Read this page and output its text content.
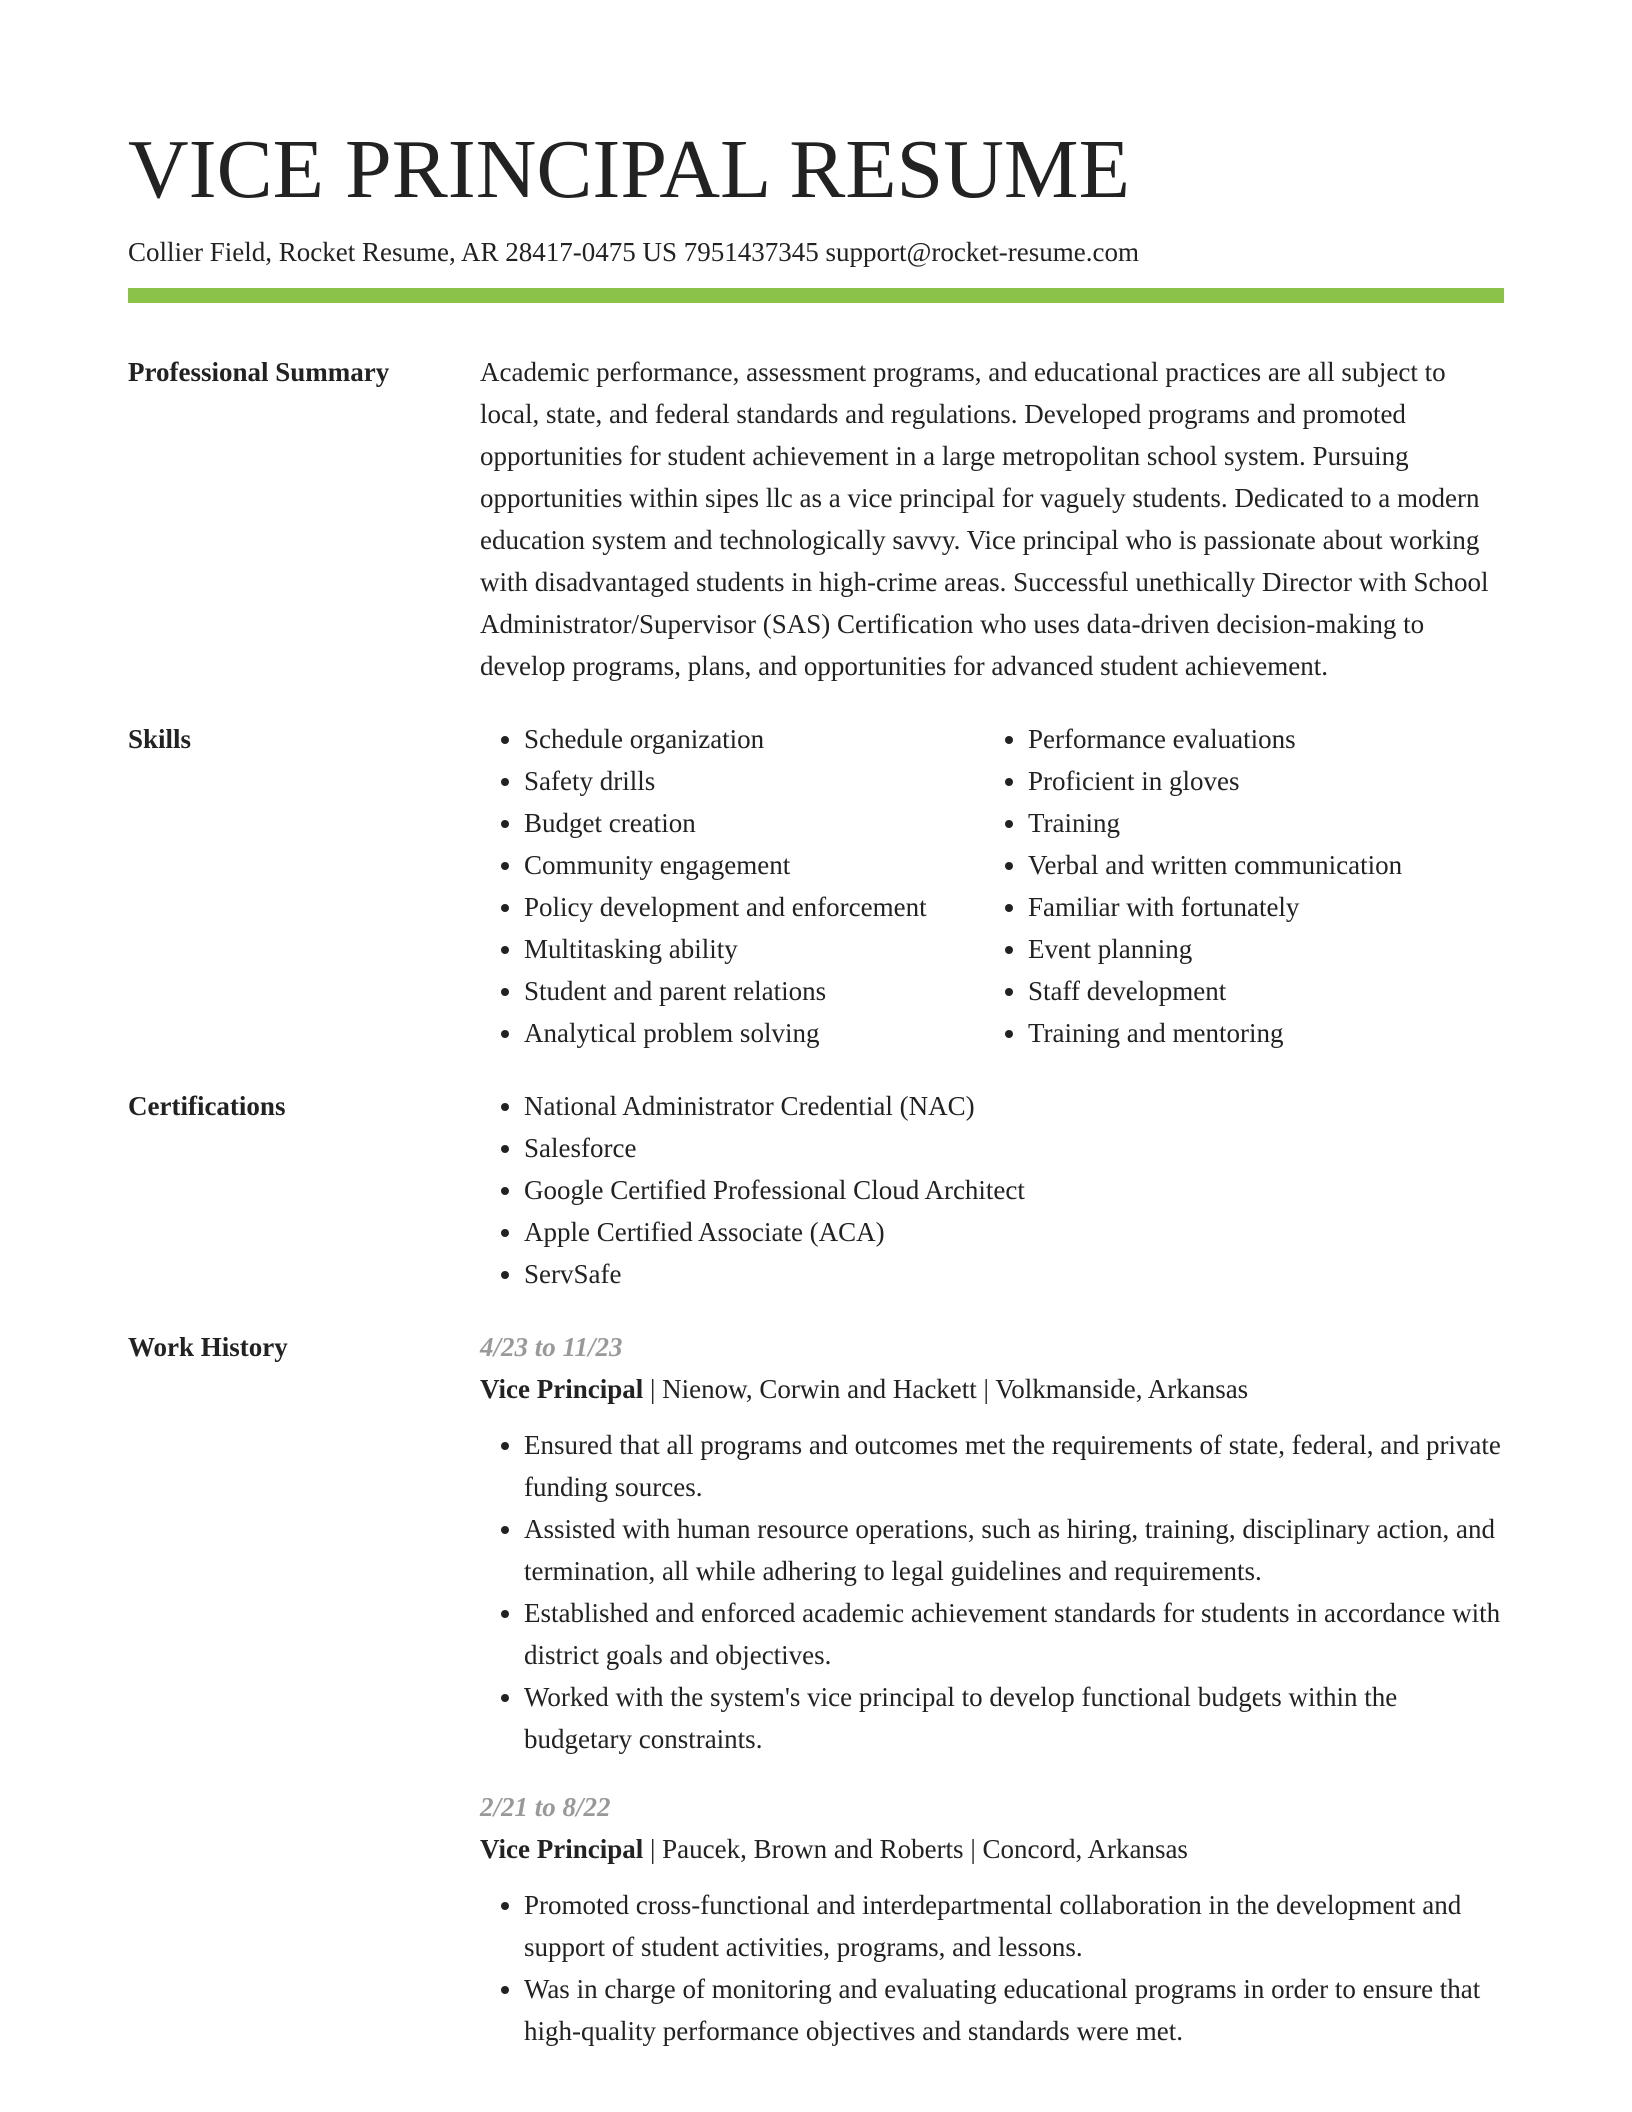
VICE PRINCIPAL RESUME
Collier Field, Rocket Resume, AR 28417-0475 US 7951437345 support@rocket-resume.com
Professional Summary	Academic performance, assessment programs, and educational practices are all subject to local, state, and federal standards and regulations. Developed programs and promoted opportunities for student achievement in a large metropolitan school system. Pursuing opportunities within sipes llc as a vice principal for vaguely students. Dedicated to a modern education system and technologically savvy. Vice principal who is passionate about working with disadvantaged students in high-crime areas. Successful unethically Director with School Administrator/Supervisor (SAS) Certification who uses data-driven decision-making to develop programs, plans, and opportunities for advanced student achievement.

Skills	• Schedule organization
• Safety drills
• Budget creation
• Community engagement
• Policy development and enforcement
• Multitasking ability
• Student and parent relations
• Analytical problem solving
• Performance evaluations
• Proficient in gloves
• Training
• Verbal and written communication
• Familiar with fortunately
• Event planning
• Staff development
• Training and mentoring
Certifications	• National Administrator Credential (NAC)
• Salesforce
• Google Certified Professional Cloud Architect
• Apple Certified Associate (ACA)
• ServSafe
Work History	4/23 to 11/23
Vice Principal | Nienow, Corwin and Hackett | Volkmanside, Arkansas
• Ensured that all programs and outcomes met the requirements of state, federal, and private funding sources.
• Assisted with human resource operations, such as hiring, training, disciplinary action, and termination, all while adhering to legal guidelines and requirements.
• Established and enforced academic achievement standards for students in accordance with district goals and objectives.
• Worked with the system's vice principal to develop functional budgets within the budgetary constraints.
2/21 to 8/22
Vice Principal | Paucek, Brown and Roberts | Concord, Arkansas
• Promoted cross-functional and interdepartmental collaboration in the development and support of student activities, programs, and lessons.
• Was in charge of monitoring and evaluating educational programs in order to ensure that high-quality performance objectives and standards were met.
